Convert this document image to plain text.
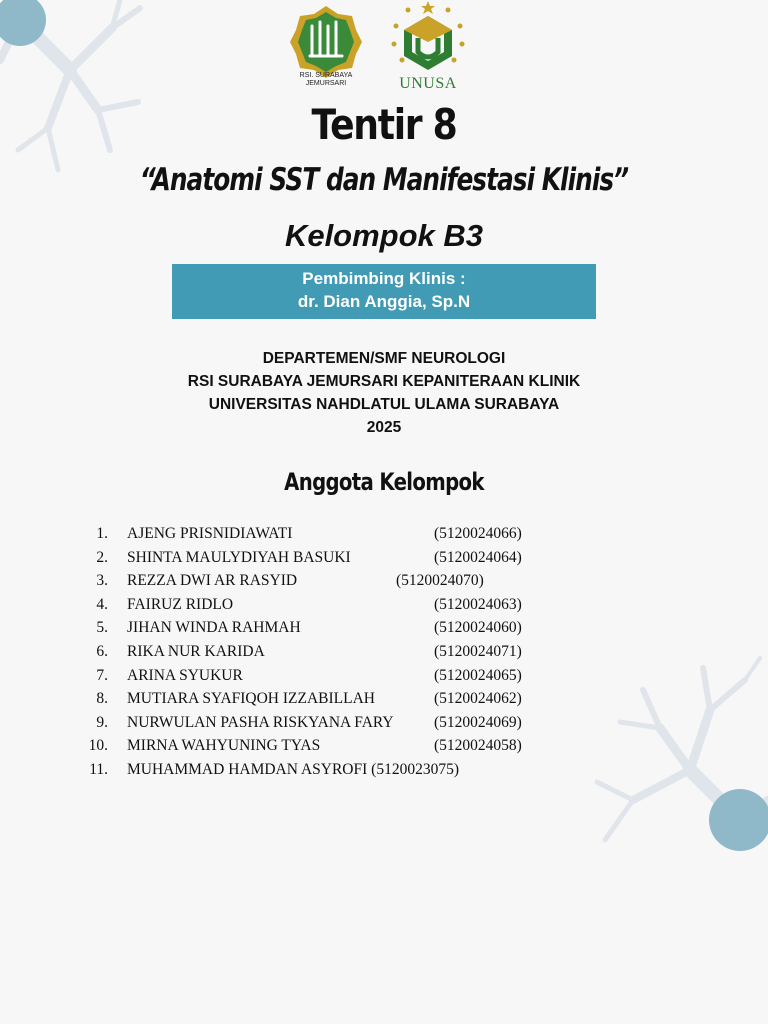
RSI. SURABAYA
JEMURSARI	UNUSA
Tentir 8
“Anatomi SST dan Manifestasi Klinis”
Kelompok B3
Pembimbing Klinis :
dr. Dian Anggia, Sp.N
DEPARTEMEN/SMF NEUROLOGI
RSI SURABAYA JEMURSARI KEPANITERAAN KLINIK
UNIVERSITAS NAHDLATUL ULAMA SURABAYA
2025
Anggota Kelompok
1. AJENG PRISNIDIAWATI	(5120024066)
2. SHINTA MAULYDIYAH BASUKI	(5120024064)
3. REZZA DWI AR RASYID	(5120024070)
4. FAIRUZ RIDLO	(5120024063)
5. JIHAN WINDA RAHMAH	(5120024060)
6. RIKA NUR KARIDA	(5120024071)
7. ARINA SYUKUR	(5120024065)
8. MUTIARA SYAFIQOH IZZABILLAH	(5120024062)
9. NURWULAN PASHA RISKYANA FARY	(5120024069)
10. MIRNA WAHYUNING TYAS	(5120024058)
11. MUHAMMAD HAMDAN ASYROFI (5120023075)
